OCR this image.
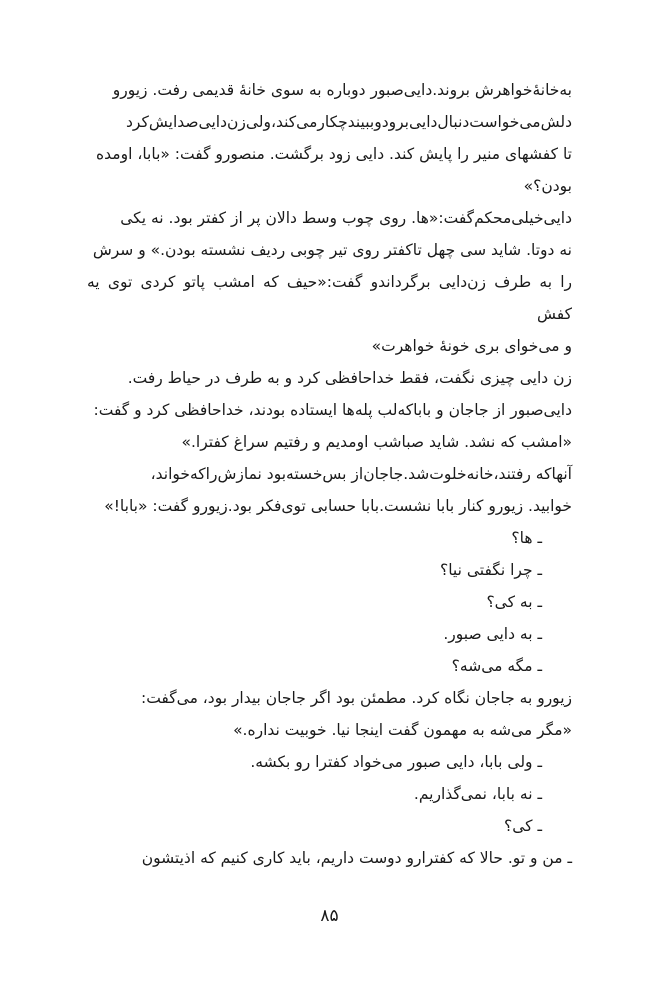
به‌خانهٔ‌خواهرش بروند.دایی‌صبور دوباره به سوی خانهٔ قدیمی رفت. زیورو

دلش‌می‌خواست‌دنبال‌دایی‌برودوببیندچکارمی‌کند،ولی‌زن‌دایی‌صدایش‌کرد

تا کفشهای منیر را پایش کند. دایی زود برگشت. منصورو گفت: «بابا، اومده

بودن؟»

دایی‌خیلی‌محکم‌گفت:«ها. روی چوب وسط دالان پر از کفتر بود. نه یکی

نه دوتا. شاید سی چهل تاکفتر روی تیر چوبی ردیف نشسته بودن.» و سرش

را به طرف زن‌دایی برگرداندو گفت:«حیف که امشب پاتو کردی توی یه کفش

و می‌خوای بری خونهٔ خواهرت»

زن دایی چیزی نگفت، فقط خداحافظی کرد و به طرف در حیاط رفت.

دایی‌صبور از جاجان و باباکه‌لب پله‌ها ایستاده بودند، خداحافظی کرد و گفت:

«امشب که نشد. شاید صباشب اومدیم و رفتیم سراغ کفترا.»

آنهاکه رفتند،خانه‌خلوت‌شد.جاجان‌از بس‌خسته‌بود نمازش‌راکه‌خواند،

خوابید. زیورو کنار بابا نشست.بابا حسابی توی‌فکر بود.زیورو گفت: «بابا!»

ـ ها؟

ـ چرا نگفتی نیا؟

ـ به کی؟

ـ به دایی صبور.

ـ مگه می‌شه؟

زیورو به جاجان نگاه کرد. مطمئن بود اگر جاجان بیدار بود، می‌گفت:

«مگر می‌شه به مهمون گفت اینجا نیا. خوبیت نداره.»

ـ ولی بابا، دایی صبور می‌خواد کفترا رو بکشه.

ـ نه بابا، نمی‌گذاریم.

ـ کی؟

ـ من و تو. حالا که کفترارو دوست داریم، باید کاری کنیم که اذیتشون

۸۵
